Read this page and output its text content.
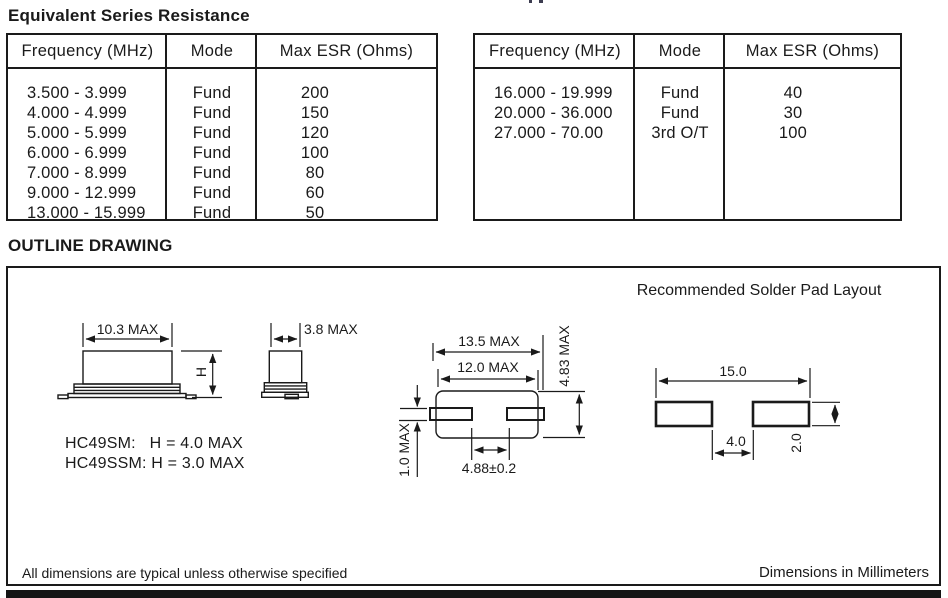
Equivalent Series Resistance
Frequency (MHz)	Mode	Max ESR (Ohms)
3.500 - 3.999	Fund	200
4.000 - 4.999	Fund	150
5.000 - 5.999	Fund	120
6.000 - 6.999	Fund	100
7.000 - 8.999	Fund	80
9.000 - 12.999	Fund	60
13.000 - 15.999	Fund	50
Frequency (MHz)	Mode	Max ESR (Ohms)
16.000 - 19.999	Fund	40
20.000 - 36.000	Fund	30
27.000 - 70.00	3rd O/T	100
OUTLINE DRAWING
Recommended Solder Pad Layout
10.3 MAX
H
3.8 MAX
13.5 MAX
12.0 MAX	4.83 MAX
1.0 MAX	4.88±0.2
15.0
4.0	2.0
HC49SM:   H = 4.0 MAX
HC49SSM: H = 3.0 MAX
All dimensions are typical unless otherwise specified	Dimensions in Millimeters
